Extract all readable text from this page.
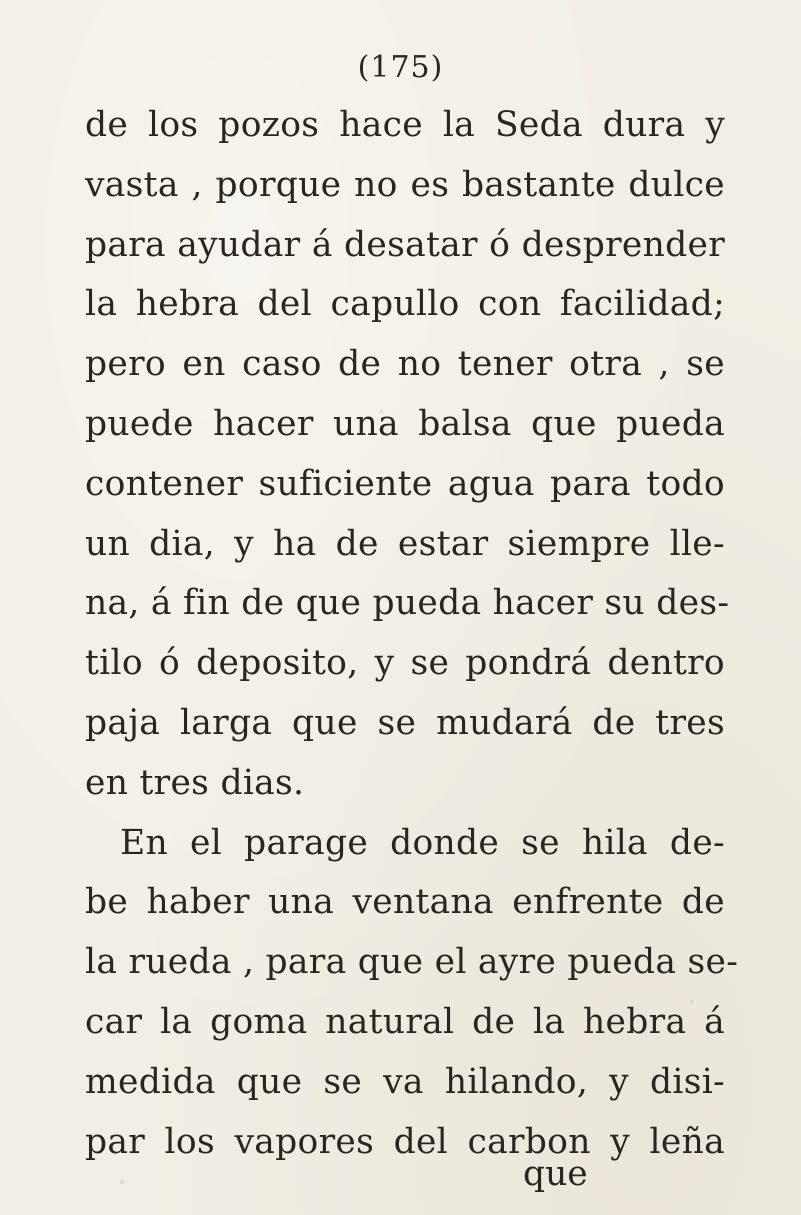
(175)
de los pozos hace la Seda dura y
vasta , porque no es bastante dulce
para ayudar á desatar ó desprender
la hebra del capullo con facilidad;
pero en caso de no tener otra , se
puede hacer una balsa que pueda
contener suficiente agua para todo
un dia, y ha de estar siempre lle-
na, á fin de que pueda hacer su des-
tilo ó deposito, y se pondrá dentro
paja larga que se mudará de tres
en tres dias.
En el parage donde se hila de-
be haber una ventana enfrente de
la rueda , para que el ayre pueda se-
car la goma natural de la hebra á
medida que se va hilando, y disi-
par los vapores del carbon y leña
que
